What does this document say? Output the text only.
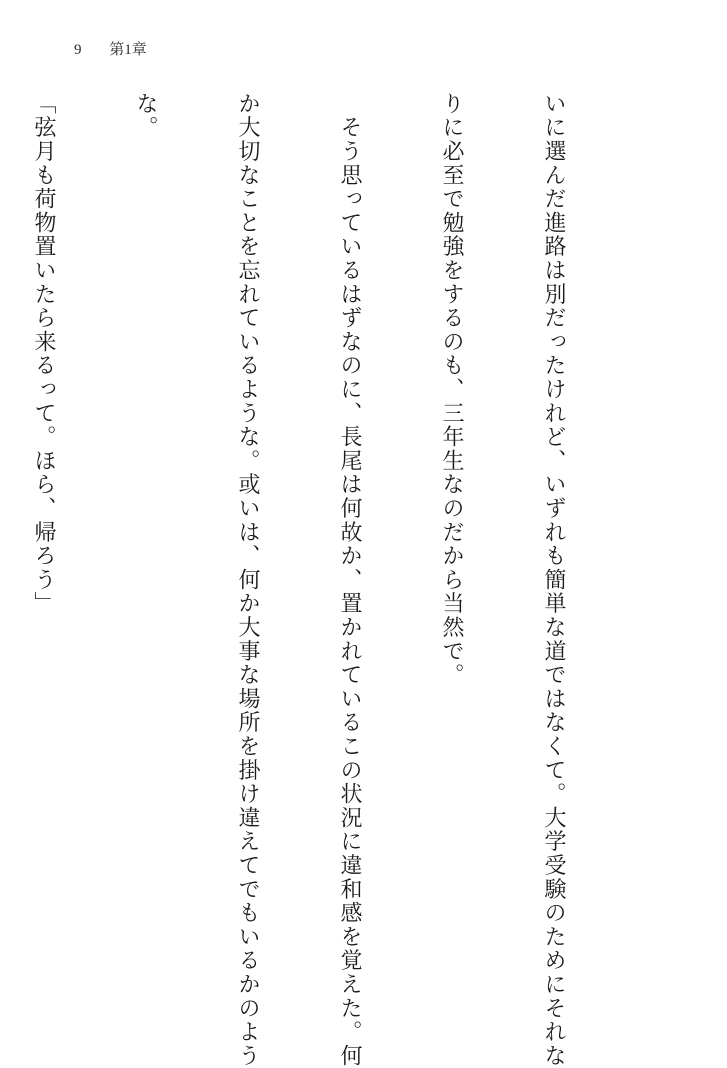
9 第1章

いに選んだ進路は別だったけれど、いずれも簡単な道ではなくて。大学受験のためにそれな

りに必至で勉強をするのも、三年生なのだから当然で。

　そう思っているはずなのに、長尾は何故か、置かれているこの状況に違和感を覚えた。何

か大切なことを忘れているような。或いは、何か大事な場所を掛け違えてでもいるかのよう

な。

「弦月も荷物置いたら来るって。ほら、帰ろう」
